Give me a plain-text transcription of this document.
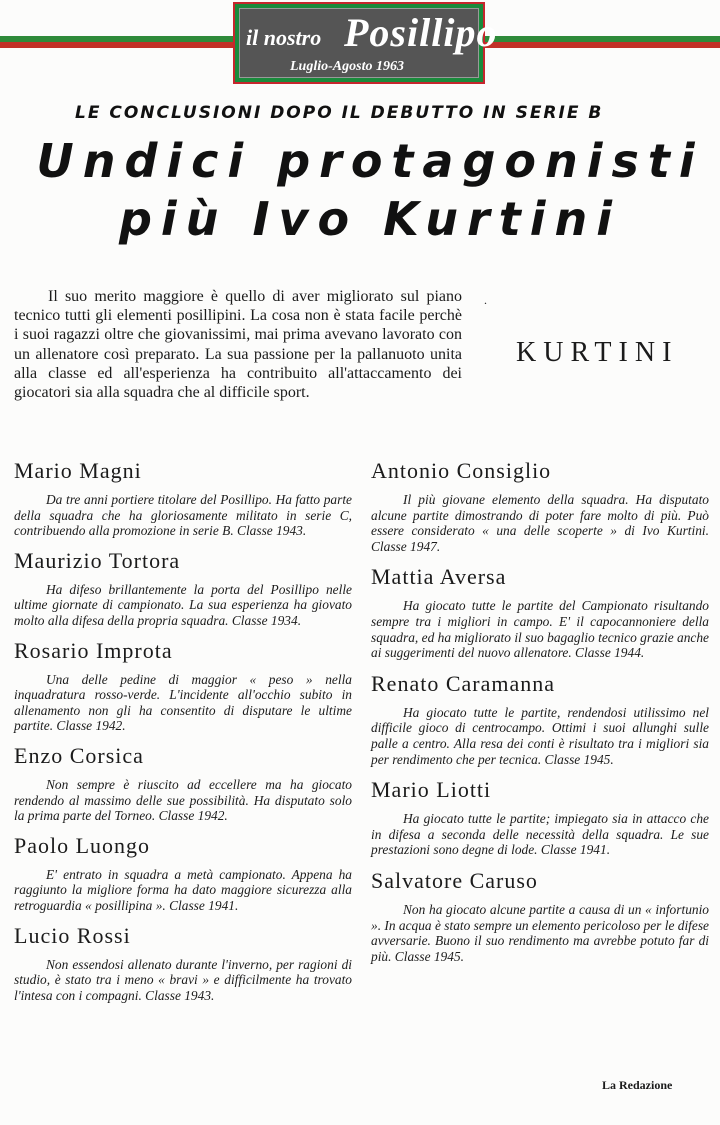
il nostro Posillipo
Luglio-Agosto 1963
LE CONCLUSIONI DOPO IL DEBUTTO IN SERIE B
Undici protagonisti
più Ivo Kurtini

Il suo merito maggiore è quello di aver migliorato sul piano tecnico tutti gli elementi posillipini. La cosa non è stata facile perchè i suoi ragazzi oltre che giovanissimi, mai prima avevano lavorato con un allenatore così preparato. La sua passione per la pallanuoto unita alla classe ed all'esperienza ha contribuito all'attaccamento dei giocatori sia alla squadra che al difficile sport.

.
KURTINI
Mario Magni

Da tre anni portiere titolare del Posillipo. Ha fatto parte della squadra che ha gloriosamente militato in serie C, contribuendo alla promozione in serie B. Classe 1943.

Maurizio Tortora

Ha difeso brillantemente la porta del Posillipo nelle ultime giornate di campionato. La sua esperienza ha giovato molto alla difesa della propria squadra. Classe 1934.

Rosario Improta

Una delle pedine di maggior « peso » nella inquadratura rosso-verde. L'incidente all'occhio subito in allenamento non gli ha consentito di disputare le ultime partite. Classe 1942.

Enzo Corsica

Non sempre è riuscito ad eccellere ma ha giocato rendendo al massimo delle sue possibilità. Ha disputato solo la prima parte del Torneo. Classe 1942.

Paolo Luongo

E' entrato in squadra a metà campionato. Appena ha raggiunto la migliore forma ha dato maggiore sicurezza alla retroguardia « posillipina ». Classe 1941.

Lucio Rossi

Non essendosi allenato durante l'inverno, per ragioni di studio, è stato tra i meno « bravi » e difficilmente ha trovato l'intesa con i compagni. Classe 1943.

Antonio Consiglio

Il più giovane elemento della squadra. Ha disputato alcune partite dimostrando di poter fare molto di più. Può essere considerato « una delle scoperte » di Ivo Kurtini. Classe 1947.

Mattia Aversa

Ha giocato tutte le partite del Campionato risultando sempre tra i migliori in campo. E' il capocannoniere della squadra, ed ha migliorato il suo bagaglio tecnico grazie anche ai suggerimenti del nuovo allenatore. Classe 1944.

Renato Caramanna

Ha giocato tutte le partite, rendendosi utilissimo nel difficile gioco di centrocampo. Ottimi i suoi allunghi sulle palle a centro. Alla resa dei conti è risultato tra i migliori sia per rendimento che per tecnica. Classe 1945.

Mario Liotti

Ha giocato tutte le partite; impiegato sia in attacco che in difesa a seconda delle necessità della squadra. Le sue prestazioni sono degne di lode. Classe 1941.

Salvatore Caruso

Non ha giocato alcune partite a causa di un « infortunio ». In acqua è stato sempre un elemento pericoloso per le difese avversarie. Buono il suo rendimento ma avrebbe potuto far di più. Classe 1945.

La Redazione
